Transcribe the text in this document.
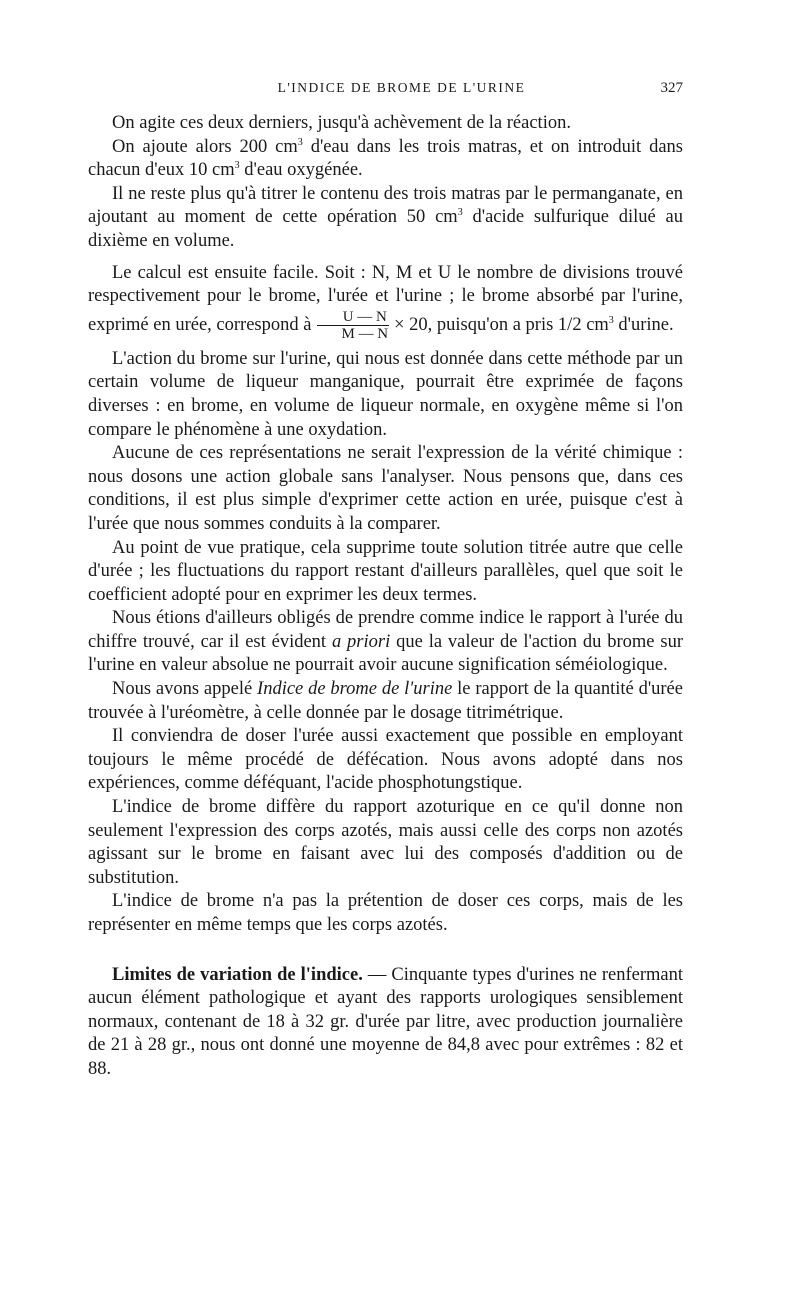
L'INDICE DE BROME DE L'URINE	327

On agite ces deux derniers, jusqu'à achèvement de la réaction.

On ajoute alors 200 $cm^3$ d'eau dans les trois matras, et on introduit dans chacun d'eux 10 $cm^3$ d'eau oxygénée.

Il ne reste plus qu'à titrer le contenu des trois matras par le permanganate, en ajoutant au moment de cette opération 50 $cm^3$ d'acide sulfurique dilué au dixième en volume.

Le calcul est ensuite facile. Soit : N, M et U le nombre de divisions trouvé respectivement pour le brome, l'urée et l'urine ; le brome absorbé par l'urine, exprimé en urée, correspond à $\frac{U — N}{M — N} \times 20$, puisqu'on a pris 1/2 $cm^3$ d'urine.

L'action du brome sur l'urine, qui nous est donnée dans cette méthode par un certain volume de liqueur manganique, pourrait être exprimée de façons diverses : en brome, en volume de liqueur normale, en oxygène même si l'on compare le phénomène à une oxydation.

Aucune de ces représentations ne serait l'expression de la vérité chimique : nous dosons une action globale sans l'analyser. Nous pensons que, dans ces conditions, il est plus simple d'exprimer cette action en urée, puisque c'est à l'urée que nous sommes conduits à la comparer.

Au point de vue pratique, cela supprime toute solution titrée autre que celle d'urée ; les fluctuations du rapport restant d'ailleurs parallèles, quel que soit le coefficient adopté pour en exprimer les deux termes.

Nous étions d'ailleurs obligés de prendre comme indice le rapport à l'urée du chiffre trouvé, car il est évident a priori que la valeur de l'action du brome sur l'urine en valeur absolue ne pourrait avoir aucune signification séméiologique.

Nous avons appelé Indice de brome de l'urine le rapport de la quantité d'urée trouvée à l'uréomètre, à celle donnée par le dosage titrimétrique.

Il conviendra de doser l'urée aussi exactement que possible en employant toujours le même procédé de défécation. Nous avons adopté dans nos expériences, comme déféquant, l'acide phosphotungstique.

L'indice de brome diffère du rapport azoturique en ce qu'il donne non seulement l'expression des corps azotés, mais aussi celle des corps non azotés agissant sur le brome en faisant avec lui des composés d'addition ou de substitution.

L'indice de brome n'a pas la prétention de doser ces corps, mais de les représenter en même temps que les corps azotés.

Limites de variation de l'indice. — Cinquante types d'urines ne renfermant aucun élément pathologique et ayant des rapports urologiques sensiblement normaux, contenant de 18 à 32 gr. d'urée par litre, avec production journalière de 21 à 28 gr., nous ont donné une moyenne de 84,8 avec pour extrêmes : 82 et 88.
